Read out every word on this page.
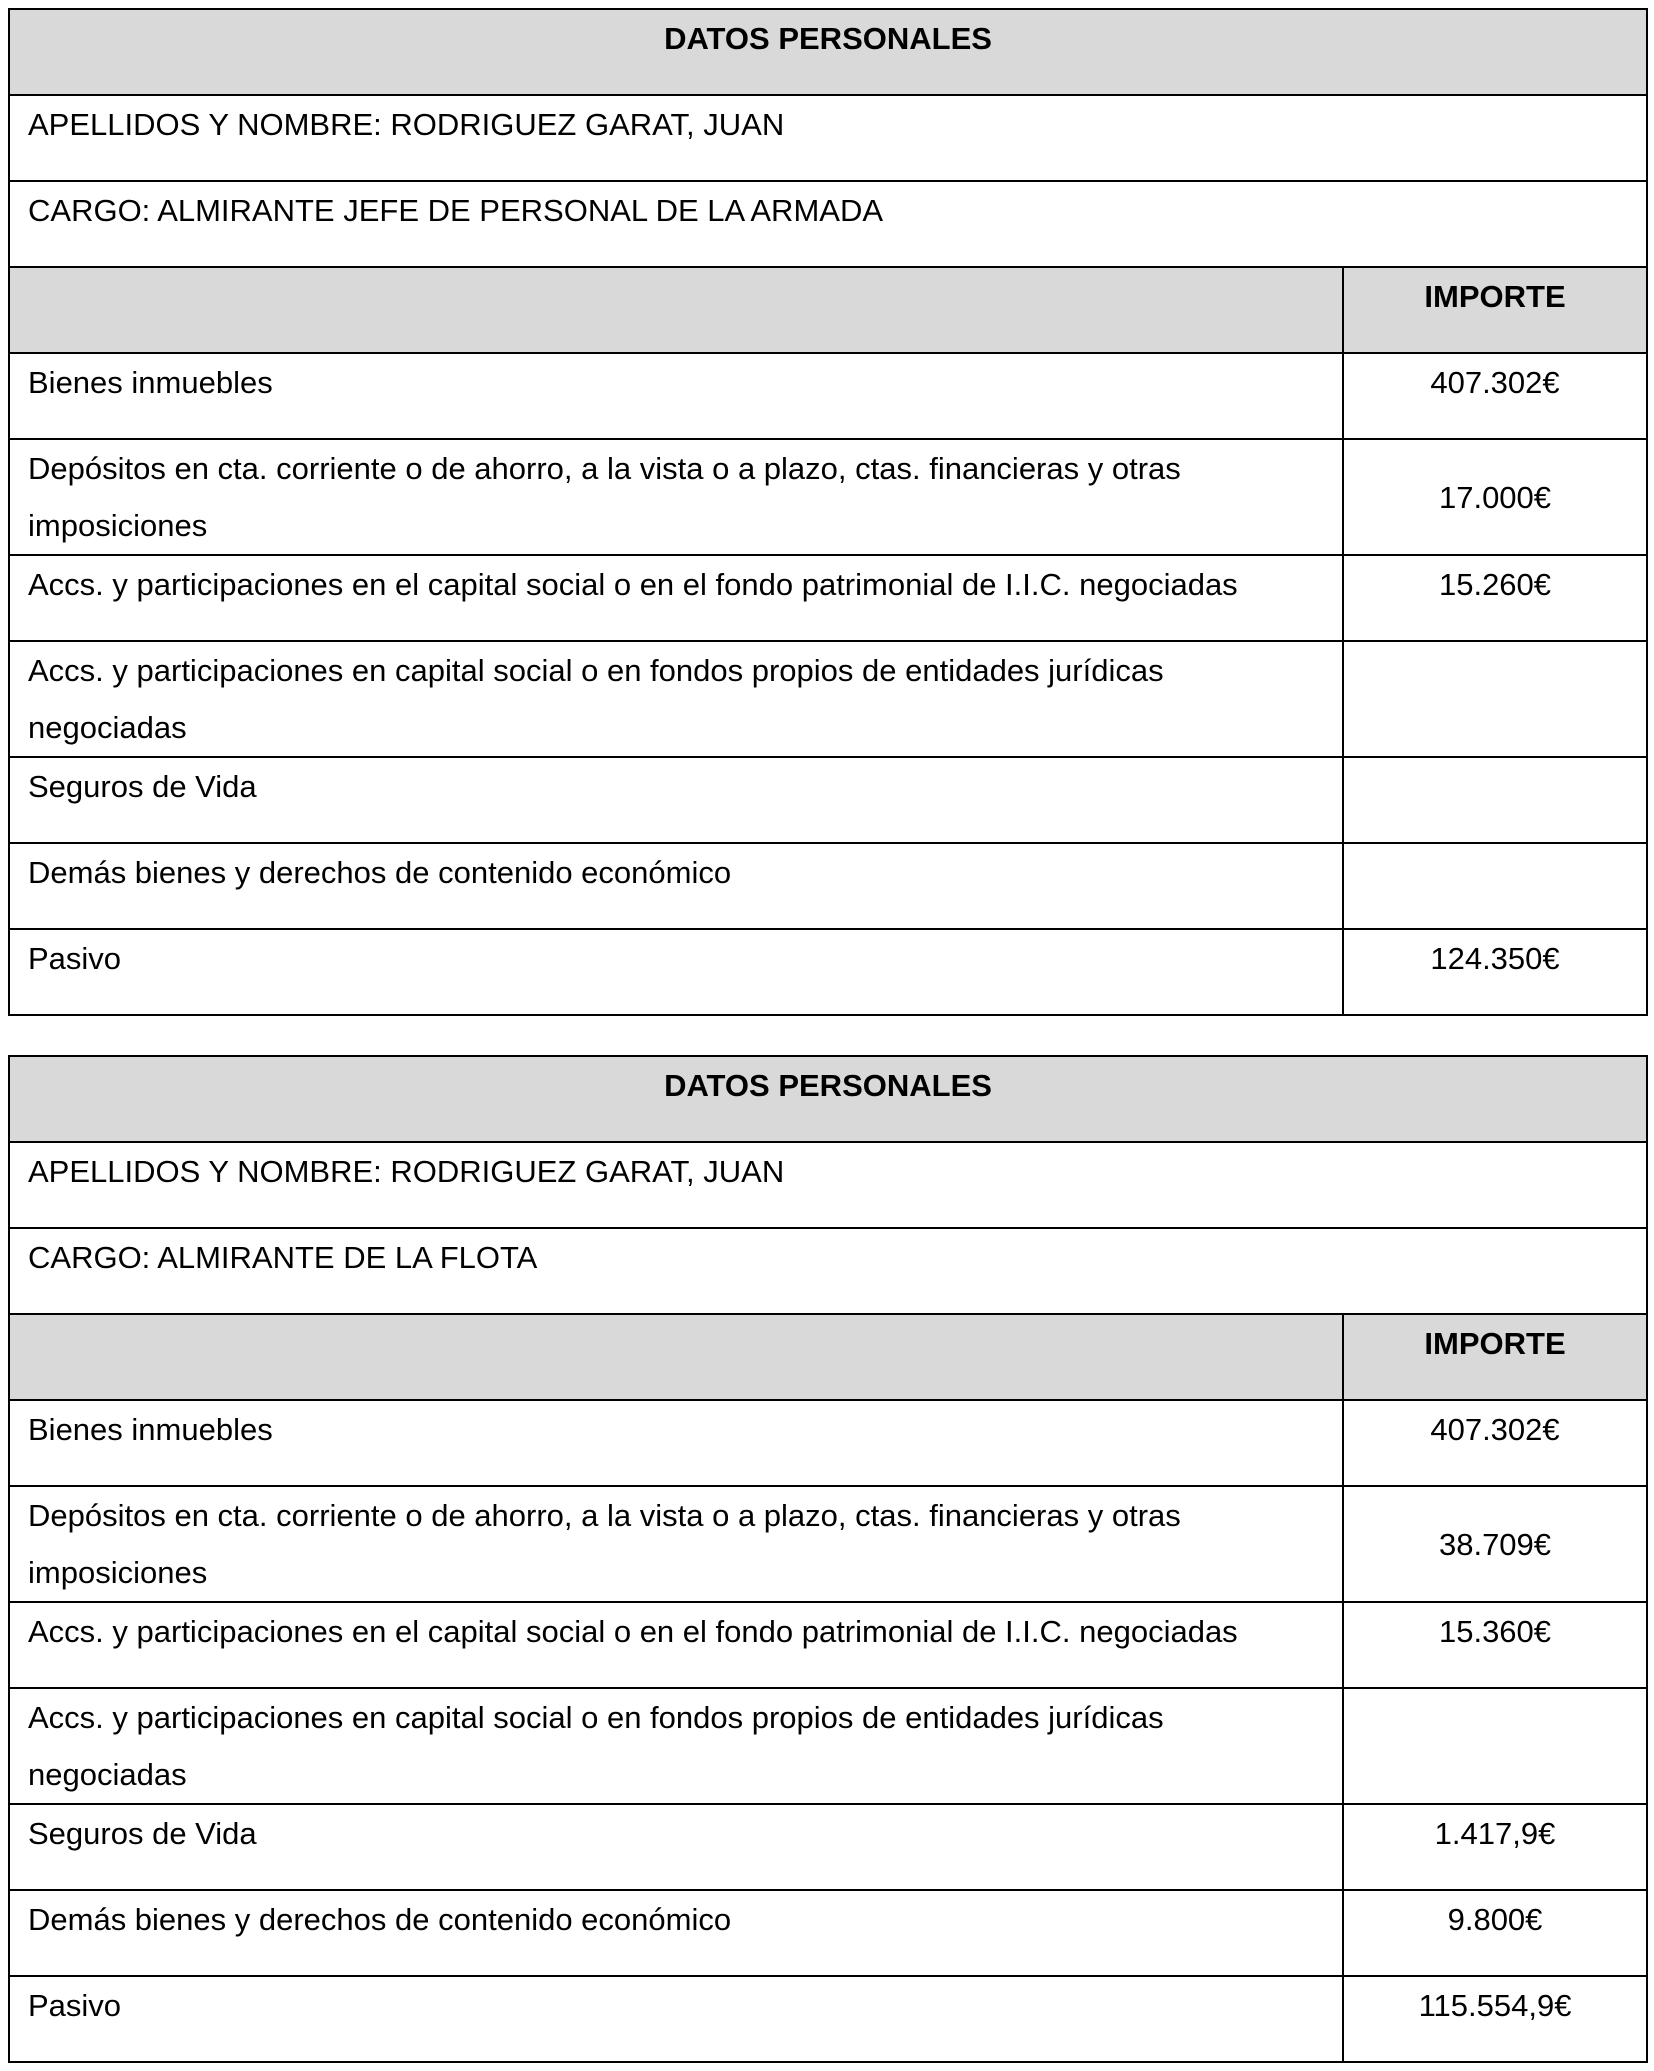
DATOS PERSONALES	
APELLIDOS Y NOMBRE: RODRIGUEZ GARAT, JUAN	
CARGO: ALMIRANTE JEFE DE PERSONAL DE LA ARMADA	
	IMPORTE
Bienes inmuebles	407.302€
Depósitos en cta. corriente o de ahorro, a la vista o a plazo, ctas. financieras y otras imposiciones	17.000€
Accs. y participaciones en el capital social o en el fondo patrimonial de I.I.C. negociadas	15.260€
Accs. y participaciones en capital social o en fondos propios de entidades jurídicas negociadas	
Seguros de Vida	
Demás bienes y derechos de contenido económico	
Pasivo	124.350€
DATOS PERSONALES	
APELLIDOS Y NOMBRE: RODRIGUEZ GARAT, JUAN	
CARGO: ALMIRANTE DE LA FLOTA	
	IMPORTE
Bienes inmuebles	407.302€
Depósitos en cta. corriente o de ahorro, a la vista o a plazo, ctas. financieras y otras imposiciones	38.709€
Accs. y participaciones en el capital social o en el fondo patrimonial de I.I.C. negociadas	15.360€
Accs. y participaciones en capital social o en fondos propios de entidades jurídicas negociadas	
Seguros de Vida	1.417,9€
Demás bienes y derechos de contenido económico	9.800€
Pasivo	115.554,9€
